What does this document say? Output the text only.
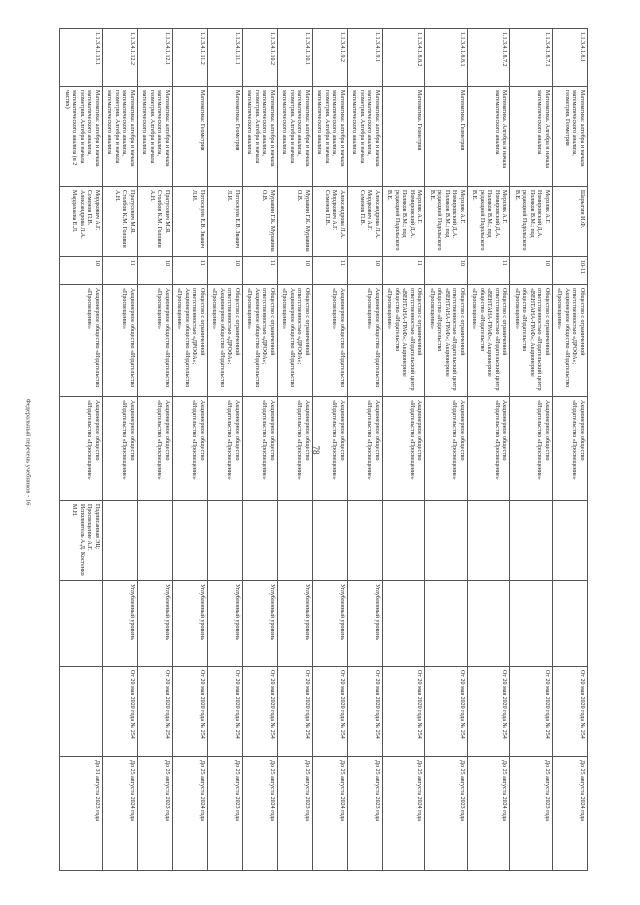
Федеральный перечень учебников - 16	78
1.1.3.4.1.8.1	Математика: алгебра и начала математического анализа, геометрия. Геометрия	Шарыгин И.Ф.	10-11	Общество с ограниченной ответственностью «ДРОФА»; Акционерное общество «Издательство «Просвещение»	Акционерное общество «Издательство «Просвещение»			От 20 мая 2020 года № 254	До 25 августа 2024 года

1.1.3.4.1.8.7.1	Математика. Алгебра и начала математического анализа	Мерзляк А.Г. Номировский Д.А. Поляков В.М.; под редакцией Подольского В.Е.	10	Общество с ограниченной ответственностью «Издательский центр «ВЕНТАНА-ГРАФ»; Акционерное общество «Издательство «Просвещение»	Акционерное общество «Издательство «Просвещение»			От 20 мая 2020 года № 254	До 25 августа 2023 года

1.1.3.4.1.8.7.2	Математика. Алгебра и начала математического анализа	Мерзляк А.Г. Номировский Д.А. Поляков В.М.; под редакцией Подольского В.Е.	11	Общество с ограниченной ответственностью «Издательский центр «ВЕНТАНА-ГРАФ»; Акционерное общество «Издательство «Просвещение»	Акционерное общество «Издательство «Просвещение»			От 20 мая 2020 года № 254	До 25 августа 2024 года

1.1.3.4.1.8.8.1	Математика. Геометрия	Мерзляк А.Г. Номировский Д.А. Поляков В.М.; под редакцией Подольского В.Е.	10	Общество с ограниченной ответственностью «Издательский центр «ВЕНТАНА-ГРАФ»; Акционерное общество «Издательство «Просвещение»	Акционерное общество «Издательство «Просвещение»			От 20 мая 2020 года № 254	До 25 августа 2023 года

1.1.3.4.1.8.8.2	Математика. Геометрия	Мерзляк А.Г. Номировский Д.А. Поляков В.М.; под редакцией Подольского В.Е.	11	Общество с ограниченной ответственностью «Издательский центр «ВЕНТАНА-ГРАФ»; Акционерное общество «Издательство «Просвещение»	Акционерное общество «Издательство «Просвещение»			От 20 мая 2020 года № 254	До 25 августа 2024 года

1.1.3.4.1.9.1	Математика: алгебра и начала математического анализа, геометрия. Алгебра и начала математического анализа	Александрова Л.А. Мордкович А.Г. Семенов П.В.	10	Акционерное общество «Издательство «Просвещение»	Акционерное общество «Издательство «Просвещение»		Углубленный уровень	От 20 мая 2020 года № 254	До 25 августа 2023 года

1.1.3.4.1.9.2	Математика: алгебра и начала математического анализа, геометрия. Алгебра и начала математического анализа	Александрова Л.А. Мордкович А.Г. Семенов П.В.	11	Акционерное общество «Издательство «Просвещение»	Акционерное общество «Издательство «Просвещение»		Углубленный уровень	От 20 мая 2020 года № 254	До 25 августа 2024 года

1.1.3.4.1.10.1	Математика: алгебра и начала математического анализа, геометрия. Алгебра и начала математического анализа	Муравин Г.К. Муравина О.В.	10	Общество с ограниченной ответственностью «ДРОФА»; Акционерное общество «Издательство «Просвещение»	Акционерное общество «Издательство «Просвещение»		Углубленный уровень	От 20 мая 2020 года № 254	До 25 августа 2023 года

1.1.3.4.1.10.2	Математика: алгебра и начала математического анализа, геометрия. Алгебра и начала математического анализа	Муравин Г.К. Муравина О.В.	11	Общество с ограниченной ответственностью «ДРОФА»; Акционерное общество «Издательство «Просвещение»	Акционерное общество «Издательство «Просвещение»		Углубленный уровень	От 20 мая 2020 года № 254	До 25 августа 2024 года

1.1.3.4.1.11.1	Математика: Геометрия	Потоскуев Е.В. Звавич Л.И.	10	Общество с ограниченной ответственностью «ДРОФА»; Акционерное общество «Издательство «Просвещение»	Акционерное общество «Издательство «Просвещение»		Углубленный уровень	От 20 мая 2020 года № 254	До 25 августа 2023 года

1.1.3.4.1.11.2	Математика: Геометрия	Потоскуев Е.В. Звавич Л.И.	11	Общество с ограниченной ответственностью «ДРОФА»; Акционерное общество «Издательство «Просвещение»	Акционерное общество «Издательство «Просвещение»		Углубленный уровень	От 20 мая 2020 года № 254	До 25 августа 2024 года

1.1.3.4.1.12.1	Математика: алгебра и начала математического анализа, геометрия. Алгебра и начала математического анализа	Пратусевич М.Я. Столбов К.М. Головин А.Н.	10	Акционерное общество «Издательство «Просвещение»	Акционерное общество «Издательство «Просвещение»		Углубленный уровень	От 20 мая 2020 года № 254	До 25 августа 2023 года

1.1.3.4.1.12.2	Математика: алгебра и начала математического анализа, геометрия. Алгебра и начала математического анализа	Пратусевич М.Я. Столбов К.М. Головин А.Н.	11	Акционерное общество «Издательство «Просвещение»	Акционерное общество «Издательство «Просвещение»		Углубленный уровень	От 20 мая 2020 года № 254	До 25 августа 2024 года

1.1.3.4.1.13.1	Математика: алгебра и начала математического анализа, геометрия. Алгебра и начала математического анализа (в 2 частях)	Мордкович А.Г. Семенов П.В. Александрова Л.А. Мардахаева Е.Л.	10	Акционерное общество «Издательство «Просвещение»	Акционерное общество «Издательство «Просвещение»	Подписанная ЭЦ: Просвещение А.Г. Исполнитель А.Д. Костенко М.Н.			До 31 августа 2023 года
